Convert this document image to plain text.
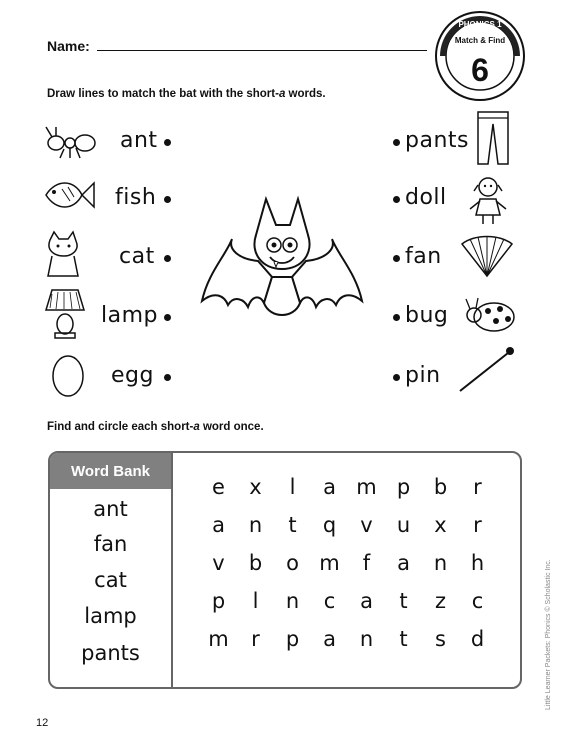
Name:
PHONICS 1
Match & Find
6
Draw lines to match the bat with the short-a words.
ant
fish
cat
lamp
egg
pants
doll
fan
bug
pin
Find and circle each short-a word once.
Word Bank
ant
fan
cat
lamp
pants
e	x	l	a m p	b	r
a	n	t	q	v	u	x	r
v	b	o m	f	a	n	h
p	l	n	c	a	t	z	c
m	r	p	a	n	t	s	d
12
Little Learner Packets: Phonics © Scholastic Inc.
